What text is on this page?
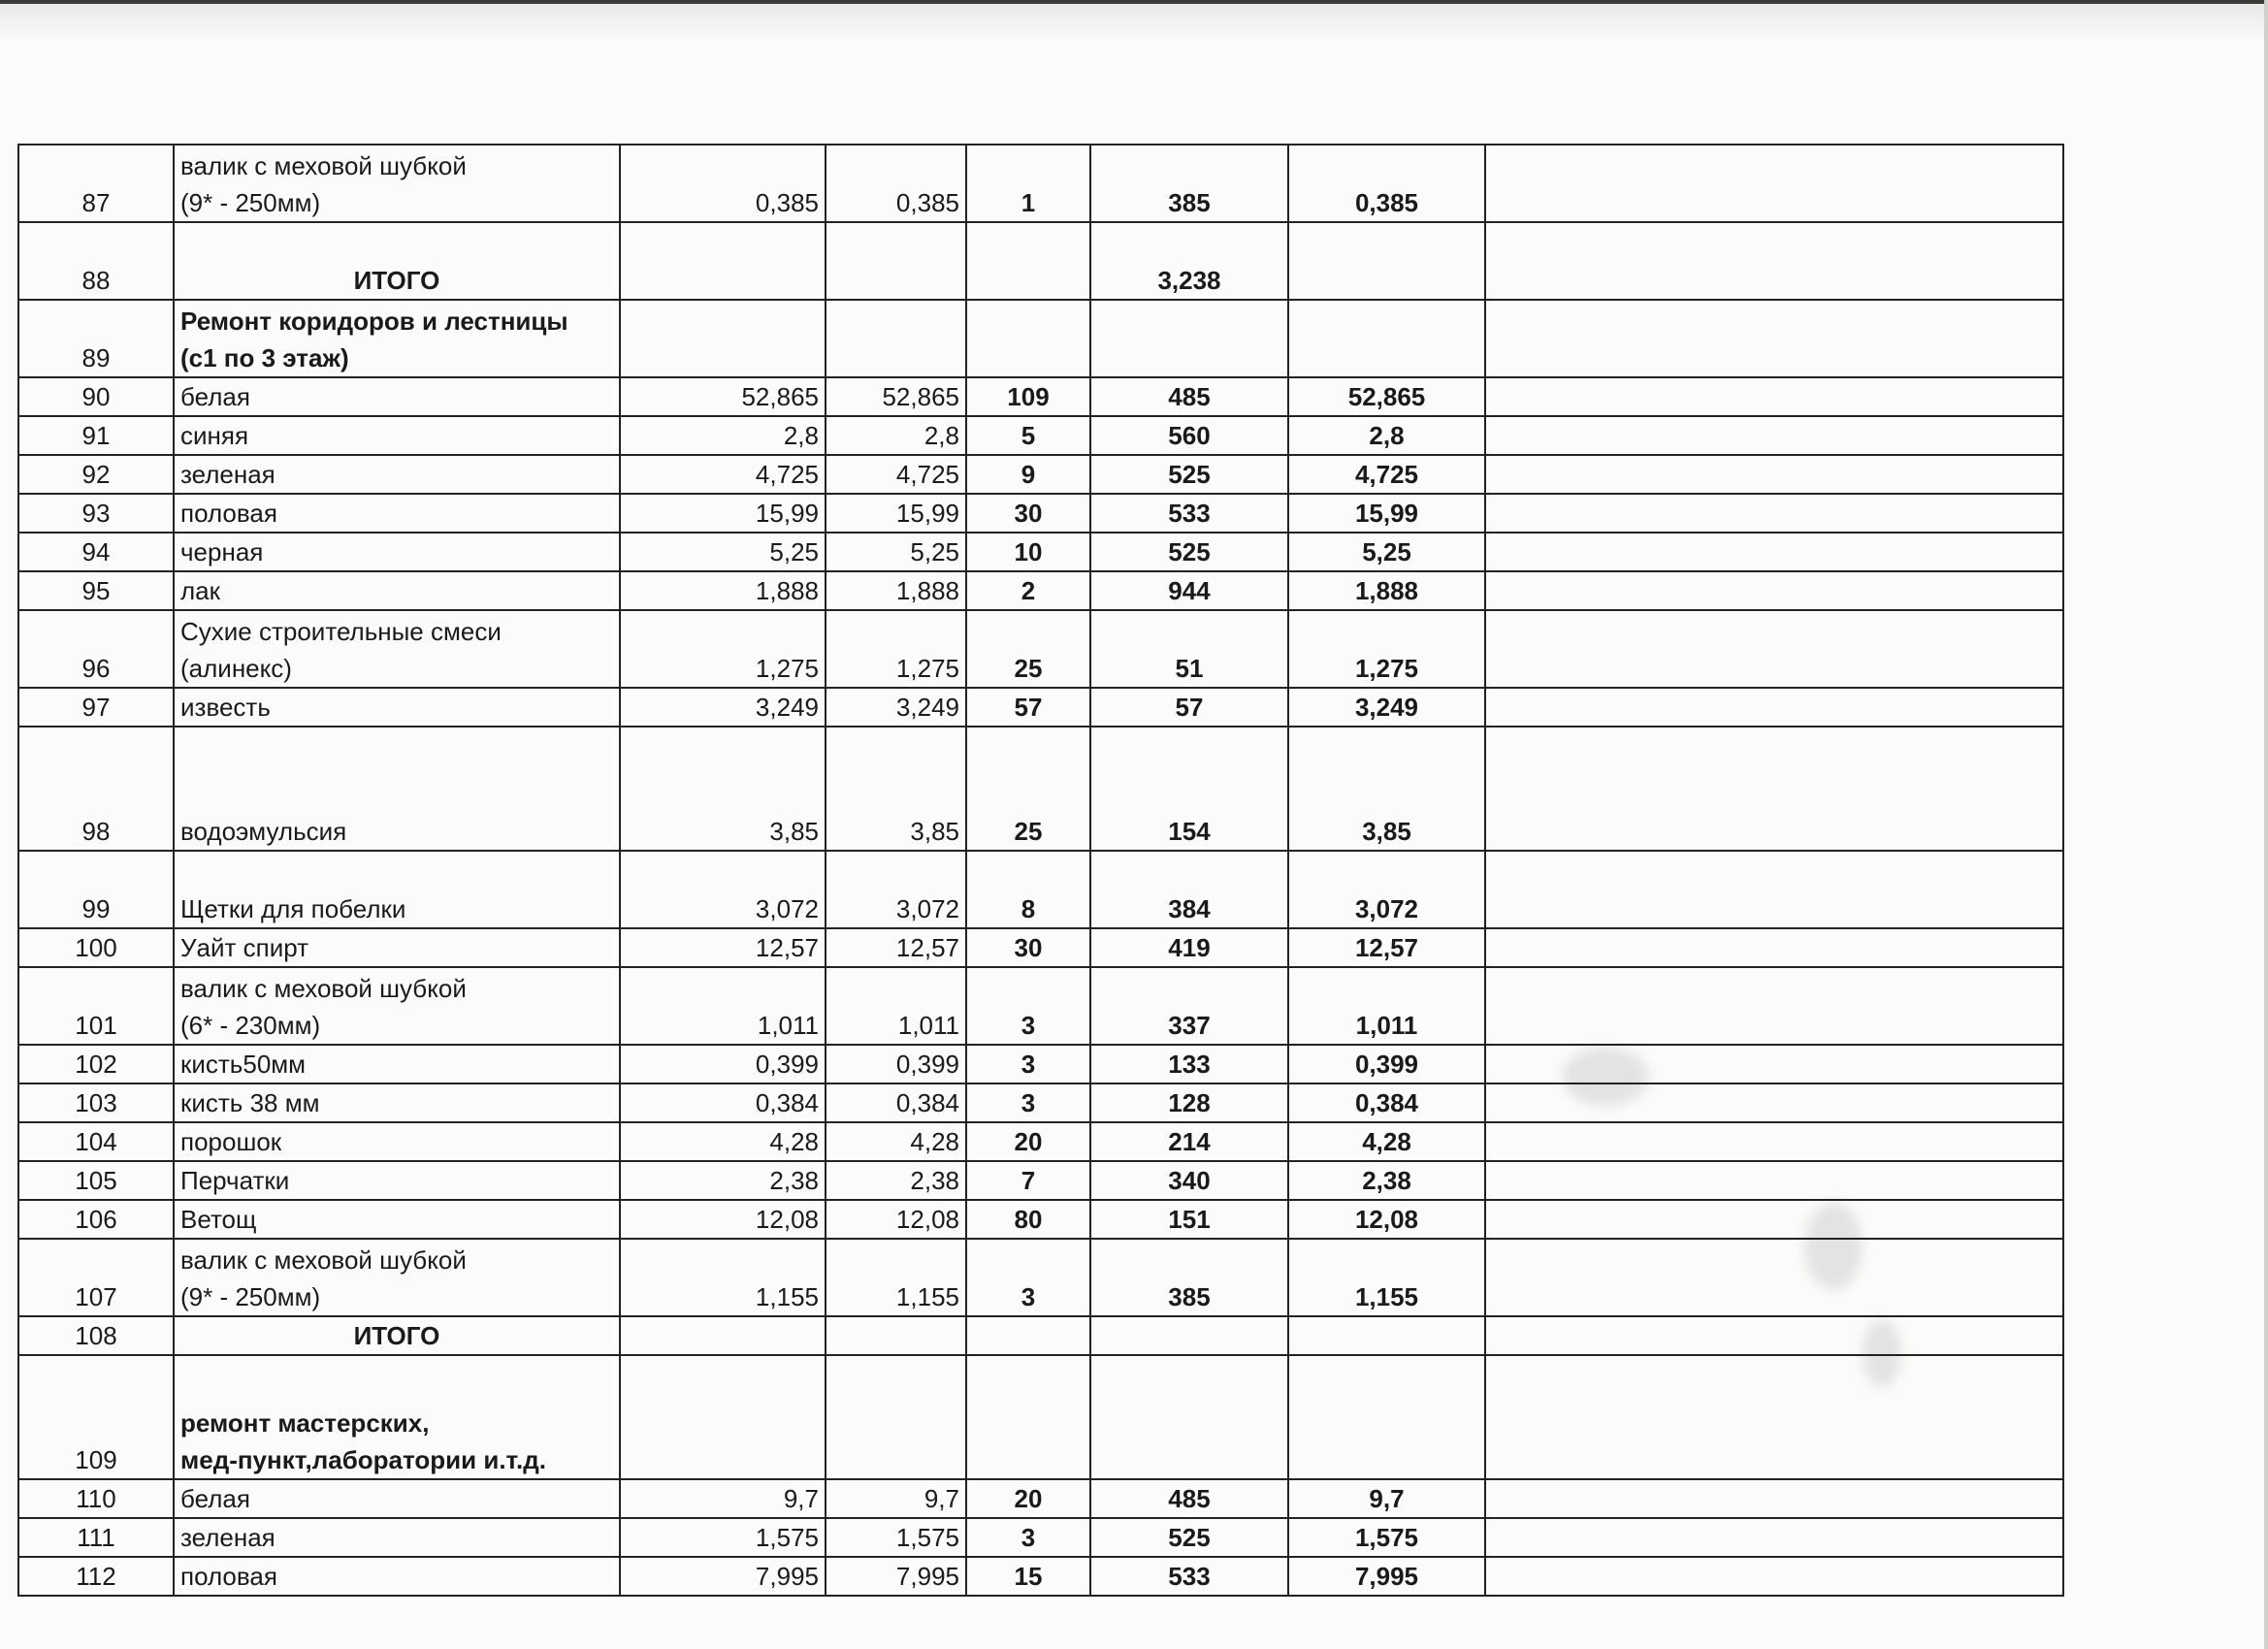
87	валик с меховой шубкой
(9* - 250мм)	0,385	0,385	1	385	0,385	
88	ИТОГО				3,238		
89	Ремонт коридоров и лестницы
(с1 по 3 этаж)						
90	белая	52,865	52,865	109	485	52,865	
91	синяя	2,8	2,8	5	560	2,8	
92	зеленая	4,725	4,725	9	525	4,725	
93	половая	15,99	15,99	30	533	15,99	
94	черная	5,25	5,25	10	525	5,25	
95	лак	1,888	1,888	2	944	1,888	
96	Сухие строительные смеси
(алинекс)	1,275	1,275	25	51	1,275	
97	известь	3,249	3,249	57	57	3,249	
98	водоэмульсия	3,85	3,85	25	154	3,85	
99	Щетки для побелки	3,072	3,072	8	384	3,072	
100	Уайт спирт	12,57	12,57	30	419	12,57	
101	валик с меховой шубкой
(6* - 230мм)	1,011	1,011	3	337	1,011	
102	кисть50мм	0,399	0,399	3	133	0,399	
103	кисть 38 мм	0,384	0,384	3	128	0,384	
104	порошок	4,28	4,28	20	214	4,28	
105	Перчатки	2,38	2,38	7	340	2,38	
106	Ветощ	12,08	12,08	80	151	12,08	
107	валик с меховой шубкой
(9* - 250мм)	1,155	1,155	3	385	1,155	
108	ИТОГО						
109	ремонт мастерских,
мед-пункт,лаборатории и.т.д.						
110	белая	9,7	9,7	20	485	9,7	
111	зеленая	1,575	1,575	3	525	1,575	
112	половая	7,995	7,995	15	533	7,995	
